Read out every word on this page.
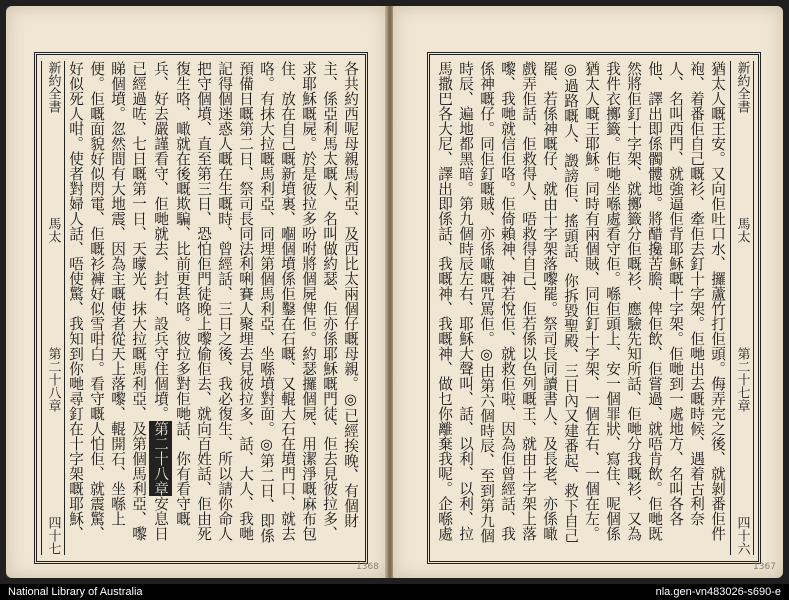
新約全書
馬太
第二十八章
四十七
各共約西呢母親馬利亞、及西比太兩個仔嘅母親。◎已經挨晚、有個財主、係亞利馬太嘅人、名叫做約瑟、佢亦係耶穌嘅門徒、佢去見彼拉多、求耶穌嘅屍。於是彼拉多吩咐將個屍俾佢。約瑟攞個屍、用潔淨嘅麻布包住、放在自己嘅新墳裏、嗰個墳係佢鑿在石嘅、又輥大石在墳門口、就去咯。有抹大拉嘅馬利亞、同埋第個馬利亞、坐喺墳對面。◎第二日、即係預備日嘅第二日、祭司長同法利唎賽人聚埋去見彼拉多、話、大人、我哋記得個迷惑人嘅在生嘅時、曾經話、三日之後、我必復生、所以請你命人把守個墳、直至第三日、恐怕佢門徒晚上嚟偷佢去、就向百姓話、佢由死復生咯、噉就在後嘅欺騙、比前更甚咯。彼拉多對佢哋話、你有看守嘅兵、好去嚴謹看守、佢哋就去、封石、設兵守住個墳。第二十八章安息日已經過咗、七日嘅第一日、天曚光、抹大拉嘅馬利亞、及第個馬利亞、嚟睇個墳。忽然間有大地震、因為主嘅使者從天上落嚟、輥開石、坐喺上便。佢嘅面貌好似閃電、佢嘅衫褲好似雪咁白。看守嘅人怕佢、就震驚、好似死人咁。使者對婦人話、唔使驚、我知到你哋尋釘在十字架嘅耶穌、
1368
新約全書
馬太
第二十七章
四十六
猶太人嘅王安。又向佢吐口水、攞蘆竹打佢頭。侮弄完之後、就剝番佢件袍、着番佢自己嘅衫、牽佢去釘十字架。佢哋出去嘅時候、遇着古利奈人、名叫西門、就強逼佢背耶穌嘅十字架。佢哋到一處地方、名叫各各他、譯出即係髑髏地。將醋攙苦膽、俾佢飲、佢嘗過、就唔肯飲。佢哋既然將佢釘十字架、就擲籤分佢嘅衫、應驗先知所話、佢哋分我嘅衫、又為我件衣擲籤。佢哋坐喺處看守佢。喺佢頭上、安一個罪狀、寫住、呢個係猶太人嘅王耶穌。同時有兩個賊、同佢釘十字架、一個在右、一個在左。◎過路嘅人、譭謗佢、搖頭話、你拆毀聖殿、三日內又建番起、救下自己罷、若係神嘅仔、就由十字架落嚟罷。祭司長同讀書人、及長老、亦係噉戲弄佢話、佢救得人、唔救得自己、佢若係以色列嘅王、就由十字架上落嚟、我哋就信佢咯。佢倚賴神、神若悅佢、就救佢啦、因為佢曾經話、我係神嘅仔。同佢釘嘅賊、亦係噉嘅咒罵佢。◎由第六個時辰、至到第九個時辰、遍地都黑暗。第九個時辰左右、耶穌大聲叫、話、以利、以利、拉馬撒巴各大尼、譯出即係話、我嘅神、我嘅神、做乜你離棄我呢。企喺處
1367
National Library of Australia	nla.gen-vn483026-s690-e
